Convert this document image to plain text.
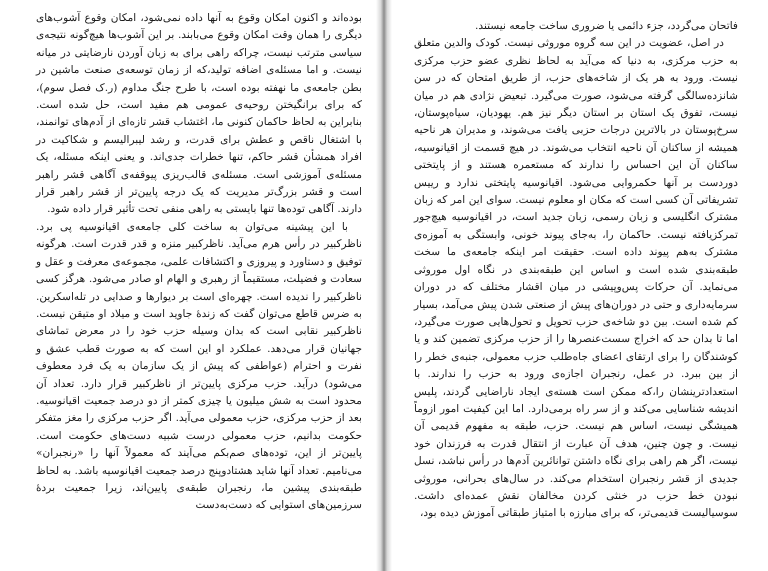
بوده‌اند و اکنون امکان وقوع به آنها داده نمی‌شود، امکان وقوع آشوب‌های دیگری را همان وقت امکان وقوع می‌بابند. بر این آشوب‌ها هیچ‌گونه نتیجه‌ی سیاسی مترتب نیست، چراکه راهی برای به زبان آوردن نارضایتی در میانه نیست. و اما مسئله‌ی اضافه تولید،که از زمان توسعه‌ی صنعت ماشین در بطن جامعه‌ی ما نهفته بوده است، با طرح جنگ مداوم (ر.ک فصل سوم)، که برای برانگیختن روحیه‌ی عمومی هم مفید است، حل شده است. بنابراین به لحاظ حاکمان کنونی ما، اغتشاب قشر تازه‌ای از آدم‌های توانمند، با اشتغال ناقص و عطش برای قدرت، و رشد لیبرالیسم و شکاکیت در افراد همشأن قشر حاکم، تنها خطرات جدی‌اند. و یعنی اینکه مسئله، یک مسئله‌ی آموزشی است. مسئله‌ی قالب‌ریزی پیوقفه‌ی آگاهی قشر راهبر است و قشر بزرگ‌تر مدیریت که یک درجه پایین‌تر از قشر راهبر قرار دارند. آگاهی توده‌ها تنها بایستی به راهی منفی تحت تأثیر قرار داده شود.

با این پیشینه می‌توان به ساخت کلی جامعه‌ی اقیانوسیه پی برد. ناظرکبیر در رأس هرم می‌آید. ناظرکبیر منزه و قدر قدرت است. هرگونه توفیق و دستاورد و پیروزی و اکتشافات علمی، مجموعه‌ی معرفت و عقل و سعادت و فضیلت، مستقیماً از رهبری و الهام او صادر می‌شود. هرگز کسی ناظرکبیر را ندیده است. چهره‌ای است بر دیوارها و صدایی در تله‌اسکرین. به ضرس قاطع می‌توان گفت که زندهٔ جاوید است و میلاد او متیقن نیست. ناظرکبیر نقابی است که بدان وسیله حزب خود را در معرض تماشای جهانیان قرار می‌دهد. عملکرد او این است که به صورت قطب عشق و نفرت و احترام (عواطفی که پیش از یک سازمان به یک فرد معطوف می‌شود) درآید. حزب مرکزی پایین‌تر از ناظرکبیر قرار دارد. تعداد آن محدود است به شش میلیون یا چیزی کمتر از دو درصد جمعیت اقیانوسیه. بعد از حزب مرکزی، حزب معمولی می‌آید. اگر حزب مرکزی را مغز متفکر حکومت بدانیم، حزب معمولی درست شبیه دست‌های حکومت است. پایین‌تر از این، توده‌های صم‌بکم می‌آیند که معمولاً آنها را «رنجبران» می‌نامیم. تعداد آنها شاید هشتادوپنج درصد جمعیت اقیانوسیه باشد. به لحاظ طبقه‌بندی پیشین ما، رنجبران طبقه‌ی پایین‌اند، زیرا جمعیت بردهٔ سرزمین‌های استوایی که دست‌به‌دست

فاتحان می‌گردد، جزء دائمی یا ضروری ساخت جامعه نیستند.

در اصل، عضویت در این سه گروه موروثی نیست. کودک والدین متعلق به حزب مرکزی، به دنیا که می‌آید به لحاظ نظری عضو حزب مرکزی نیست. ورود به هر یک از شاخه‌های حزب، از طریق امتحان که در سن شانزده‌سالگی گرفته می‌شود، صورت می‌گیرد. تبعیض نژادی هم در میان نیست، تفوق یک استان بر استان دیگر نیز هم. یهودیان، سیاه‌پوستان، سرخ‌پوستان در بالاترین درجات حزبی یافت می‌شوند، و مدیران هر ناحیه همیشه از ساکنان آن ناحیه انتخاب می‌شوند. در هیچ قسمت از اقیانوسیه، ساکنان آن این احساس را ندارند که مستعمره هستند و از پایتختی دوردست بر آنها حکمروایی می‌شود. اقیانوسیه پایتختی ندارد و رییس تشریفاتی آن کسی است که مکان او معلوم نیست. سوای این امر که زبان مشترک انگلیسی و زبان رسمی، زبان جدید است، در اقیانوسیه هیچ‌جور تمرکزیافته نیست. حاکمان را، به‌جای پیوند خونی، وابستگی به آموزه‌ی مشترک به‌هم پیوند داده است. حقیقت امر اینکه جامعه‌ی ما سخت طبقه‌بندی شده است و اساس این طبقه‌بندی در نگاه اول موروثی می‌نماید. آن حرکات پس‌وپیشی در میان اقشار مختلف که در دوران سرمایه‌داری و حتی در دوران‌های پیش از صنعتی شدن پیش می‌آمد، بسیار کم شده است. بین دو شاخه‌ی حزب تحویل و تحول‌هایی صورت می‌گیرد، اما تا بدان حد که اخراج سست‌عنصرها را از حزب مرکزی تضمین کند و یا کوشندگان را برای ارتقای اعضای جاه‌طلب حزب معمولی، جنبه‌ی خطر را از بین ببرد. در عمل، رنجبران اجازه‌ی ورود به حزب را ندارند. با استعدادترینشان را،که ممکن است هسته‌ی ایجاد ناراضایی گردند، پلیس اندیشه شناسایی می‌کند و از سر راه برمی‌دارد. اما این کیفیت امور ازوماً همیشگی نیست، اساس هم نیست. حزب، طبقه به مفهوم قدیمی آن نیست. و چون چنین، هدف آن عبارت از انتقال قدرت به فرزندان خود نیست، اگر هم راهی برای نگاه داشتن توانائرین آدم‌ها در رأس نباشد، نسل جدیدی از قشر رنجبران استخدام می‌کند. در سال‌های بحرانی، موروثی نبودن خط حزب در خنثی کردن مخالفان نقش عمده‌ای داشت. سوسیالیست قدیمی‌تر، که برای مبارزه با امتیاز طبقاتی آموزش دیده بود،
